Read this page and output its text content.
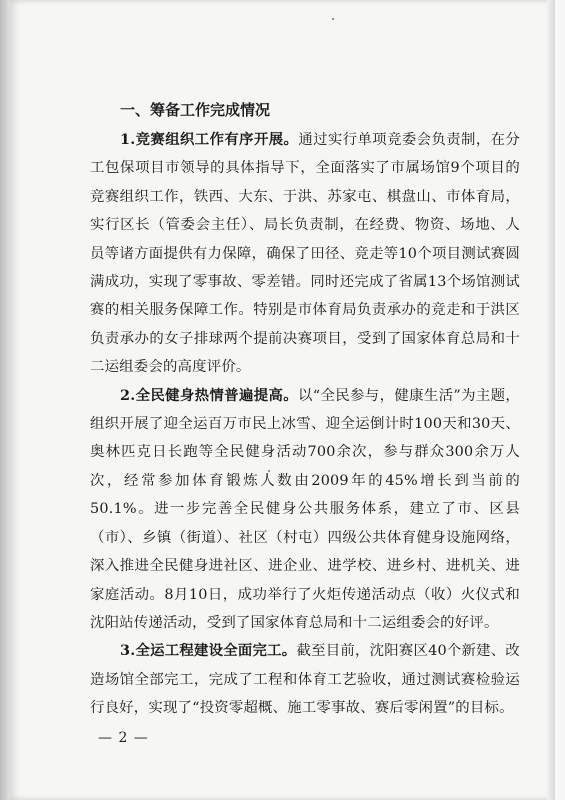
一、筹备工作完成情况

1.竞赛组织工作有序开展。通过实行单项竞委会负责制，在分工包保项目市领导的具体指导下，全面落实了市属场馆9个项目的竞赛组织工作，铁西、大东、于洪、苏家屯、棋盘山、市体育局，实行区长（管委会主任）、局长负责制，在经费、物资、场地、人员等诸方面提供有力保障，确保了田径、竞走等10个项目测试赛圆满成功，实现了零事故、零差错。同时还完成了省属13个场馆测试赛的相关服务保障工作。特别是市体育局负责承办的竞走和于洪区负责承办的女子排球两个提前决赛项目，受到了国家体育总局和十二运组委会的高度评价。

2.全民健身热情普遍提高。以“全民参与，健康生活”为主题，组织开展了迎全运百万市民上冰雪、迎全运倒计时100天和30天、奥林匹克日长跑等全民健身活动700余次，参与群众300余万人次，经常参加体育锻炼人数由2009年的45%增长到当前的50.1%。进一步完善全民健身公共服务体系，建立了市、区县（市）、乡镇（街道）、社区（村屯）四级公共体育健身设施网络，深入推进全民健身进社区、进企业、进学校、进乡村、进机关、进家庭活动。8月10日，成功举行了火炬传递活动点（收）火仪式和沈阳站传递活动，受到了国家体育总局和十二运组委会的好评。

3.全运工程建设全面完工。截至目前，沈阳赛区40个新建、改造场馆全部完工，完成了工程和体育工艺验收，通过测试赛检验运行良好，实现了“投资零超概、施工零事故、赛后零闲置”的目标。

— 2 —
